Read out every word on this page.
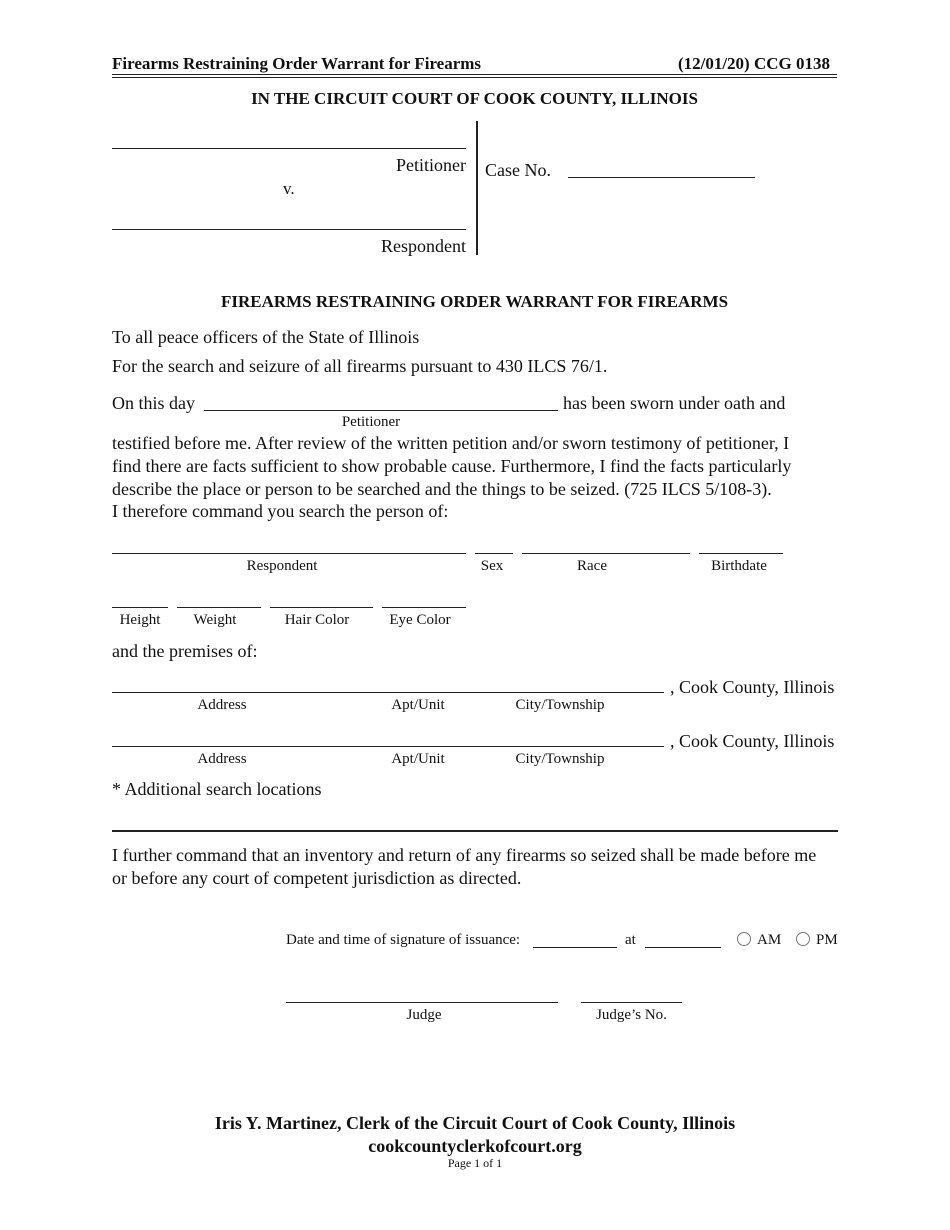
Firearms Restraining Order Warrant for Firearms	(12/01/20) CCG 0138
IN THE CIRCUIT COURT OF COOK COUNTY, ILLINOIS
Petitioner
v.
Respondent
Case No.
FIREARMS RESTRAINING ORDER WARRANT FOR FIREARMS
To all peace officers of the State of Illinois
For the search and seizure of all firearms pursuant to 430 ILCS 76/1.
On this day	has been sworn under oath and
Petitioner
testified before me. After review of the written petition and/or sworn testimony of petitioner, I
find there are facts sufficient to show probable cause. Furthermore, I find the facts particularly
describe the place or person to be searched and the things to be seized. (725 ILCS 5/108-3).
I therefore command you search the person of:
Respondent	Sex	Race	Birthdate
Height	Weight	Hair Color	Eye Color
and the premises of:
, Cook County, Illinois
Address	Apt/Unit	City/Township
, Cook County, Illinois
Address	Apt/Unit	City/Township
* Additional search locations
I further command that an inventory and return of any firearms so seized shall be made before me
or before any court of competent jurisdiction as directed.
Date and time of signature of issuance:	at	AM	PM
Judge	Judge’s No.
Iris Y. Martinez, Clerk of the Circuit Court of Cook County, Illinois
cookcountyclerkofcourt.org
Page 1 of 1
